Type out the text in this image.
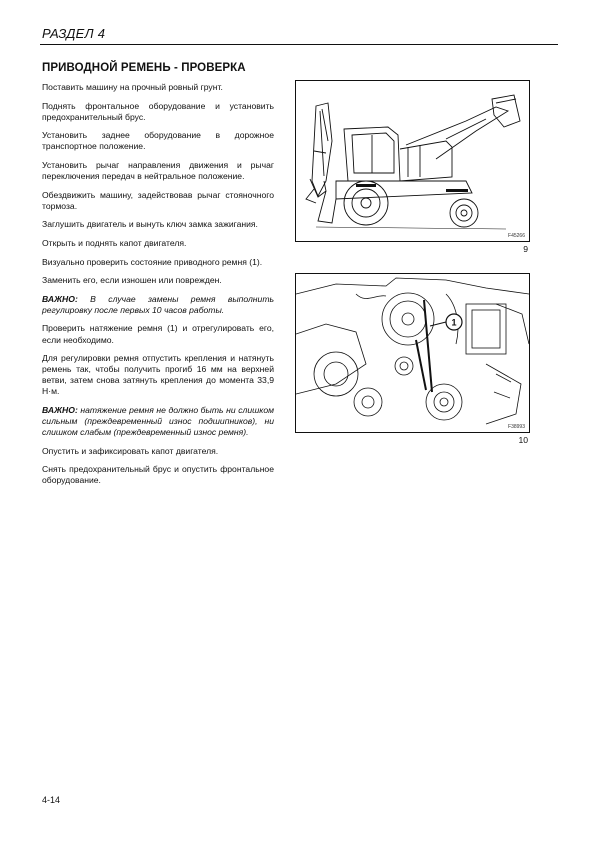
РАЗДЕЛ 4
ПРИВОДНОЙ РЕМЕНЬ - ПРОВЕРКА

Поставить машину на прочный ровный грунт.

Поднять фронтальное оборудование и установить предохранительный брус.

Установить заднее оборудование в дорожное транспортное положение.

Установить рычаг направления движения и рычаг переключения передач в нейтральное положение.

Обездвижить машину, задействовав рычаг стояночного тормоза.

Заглушить двигатель и вынуть ключ замка зажигания.

Открыть и поднять капот двигателя.

Визуально проверить состояние приводного ремня (1).

Заменить его, если изношен или поврежден.

ВАЖНО: В случае замены ремня выполнить регулировку после первых 10 часов работы.

Проверить натяжение ремня (1) и отрегулировать его, если необходимо.

Для регулировки ремня отпустить крепления и натянуть ремень так, чтобы получить прогиб 16 мм на верхней ветви, затем снова затянуть крепления до момента 33,9 Н·м.

ВАЖНО: натяжение ремня не должно быть ни слишком сильным (преждевременный износ подшипников), ни слишком слабым (преждевременный износ ремня).

Опустить и зафиксировать капот двигателя.

Снять предохранительный брус и опустить фронтальное оборудование.

F45266
9
1
F38993
10
4-14
